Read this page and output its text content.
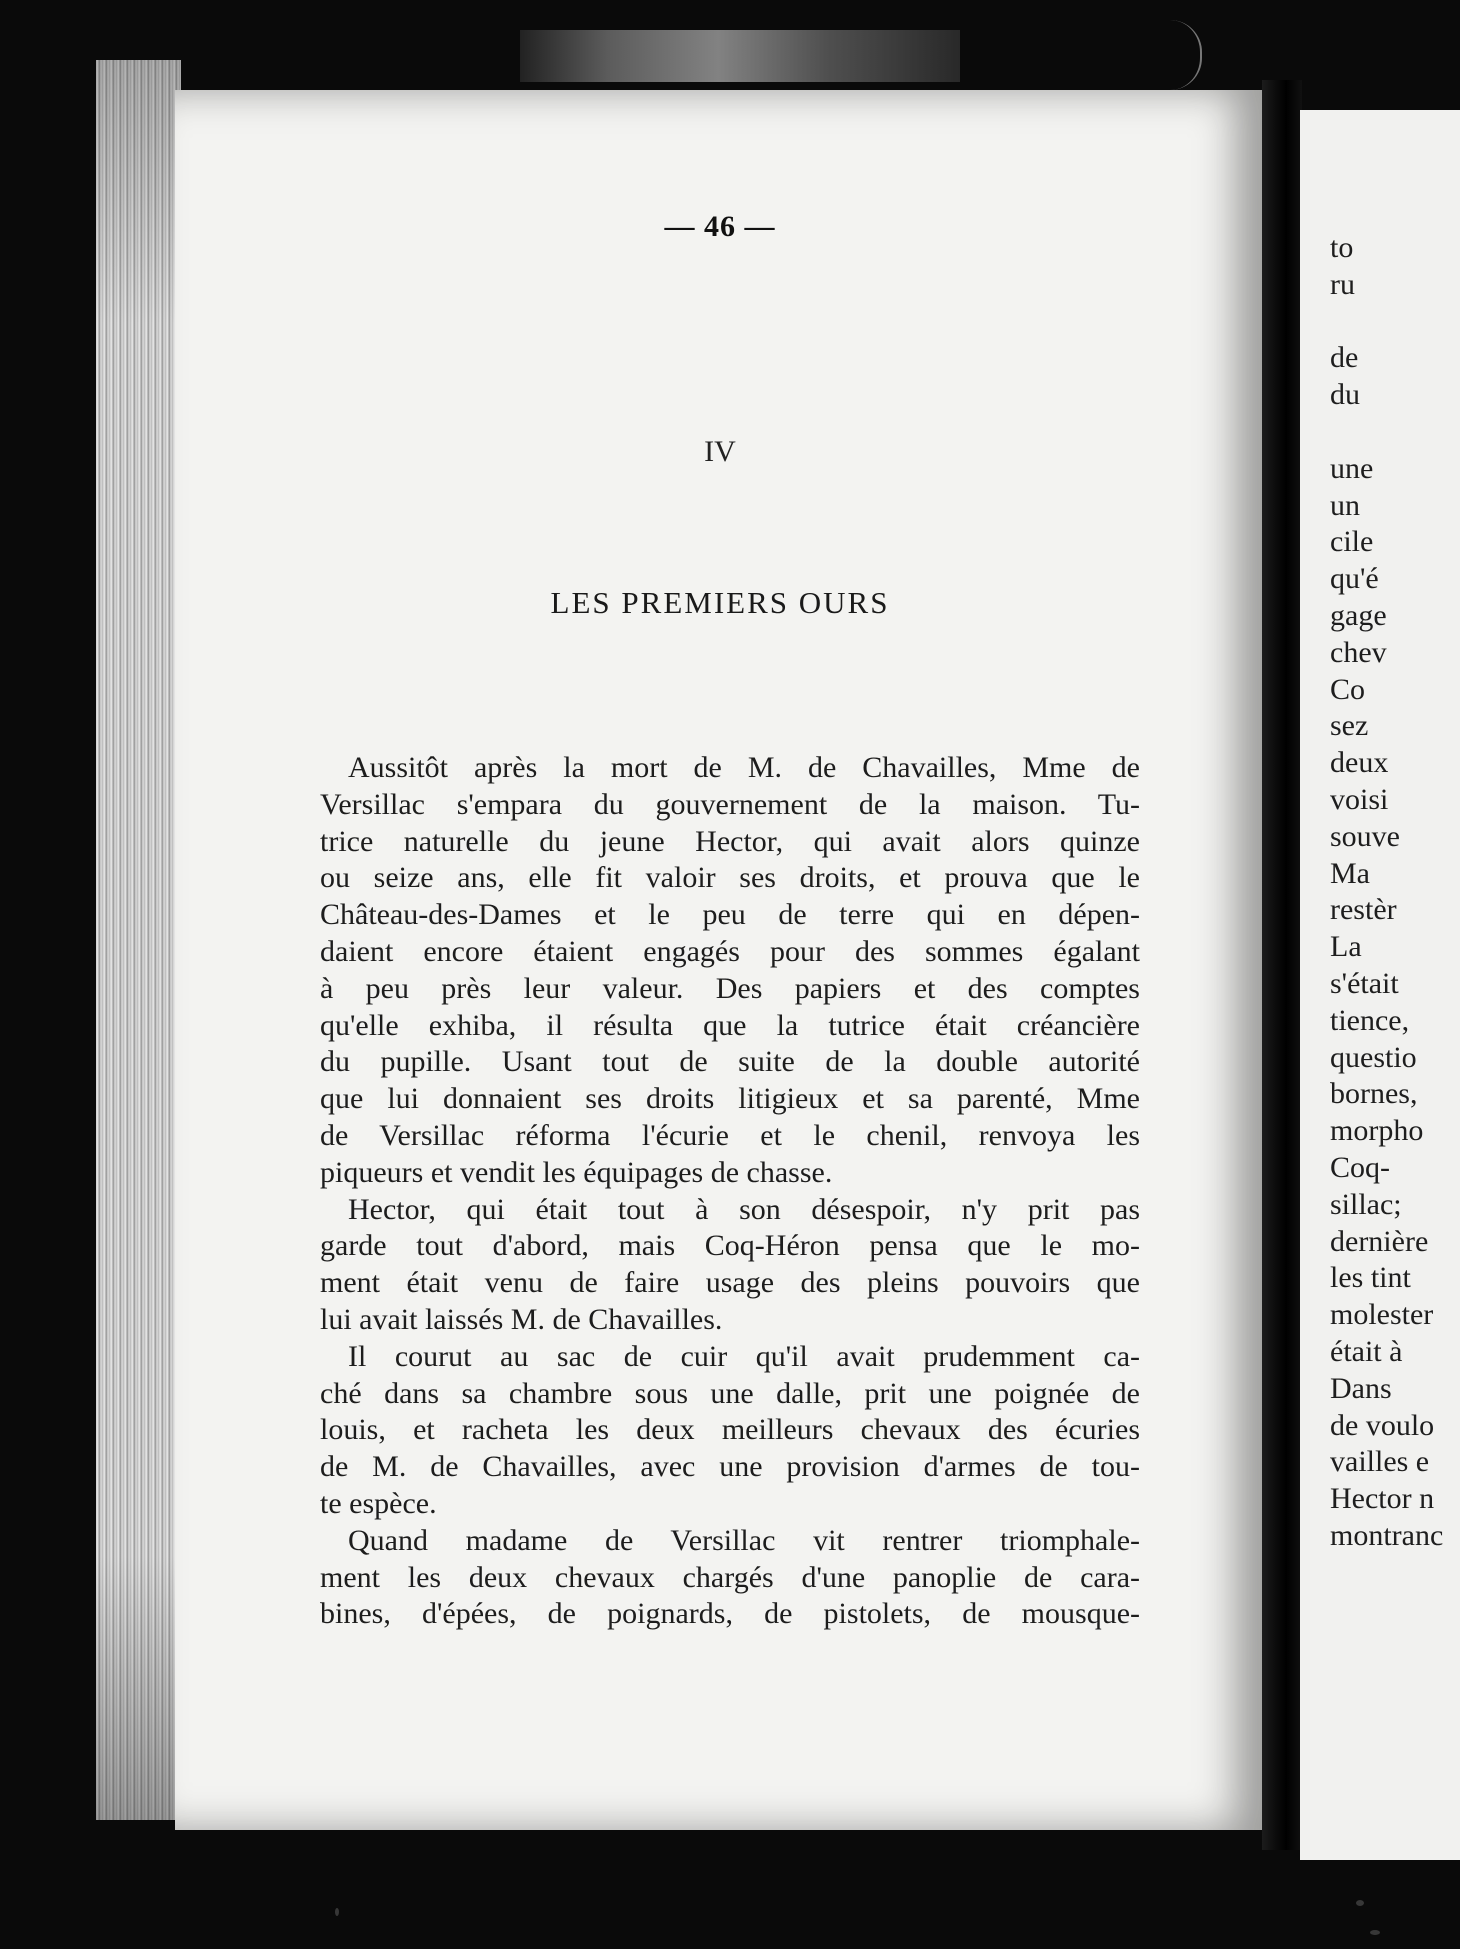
— 46 —
IV
LES PREMIERS OURS
Aussitôt après la mort de M. de Chavailles, Mme de
Versillac s'empara du gouvernement de la maison. Tu-
trice naturelle du jeune Hector, qui avait alors quinze
ou seize ans, elle fit valoir ses droits, et prouva que le
Château-des-Dames et le peu de terre qui en dépen-
daient encore étaient engagés pour des sommes égalant
à peu près leur valeur. Des papiers et des comptes
qu'elle exhiba, il résulta que la tutrice était créancière
du pupille. Usant tout de suite de la double autorité
que lui donnaient ses droits litigieux et sa parenté, Mme
de Versillac réforma l'écurie et le chenil, renvoya les
piqueurs et vendit les équipages de chasse.
Hector, qui était tout à son désespoir, n'y prit pas
garde tout d'abord, mais Coq-Héron pensa que le mo-
ment était venu de faire usage des pleins pouvoirs que
lui avait laissés M. de Chavailles.
Il courut au sac de cuir qu'il avait prudemment ca-
ché dans sa chambre sous une dalle, prit une poignée de
louis, et racheta les deux meilleurs chevaux des écuries
de M. de Chavailles, avec une provision d'armes de tou-
te espèce.
Quand madame de Versillac vit rentrer triomphale-
ment les deux chevaux chargés d'une panoplie de cara-
bines, d'épées, de poignards, de pistolets, de mousque-
to
ru
de
du
une
un
cile
qu'é
gage
chev
Co
sez
deux
voisi
souve
Ma
restèr
La
s'était
tience,
questio
bornes,
morpho
Coq-
sillac;
dernière
les tint
molester
était à
Dans
de voulo
vailles e
Hector n
montranc
